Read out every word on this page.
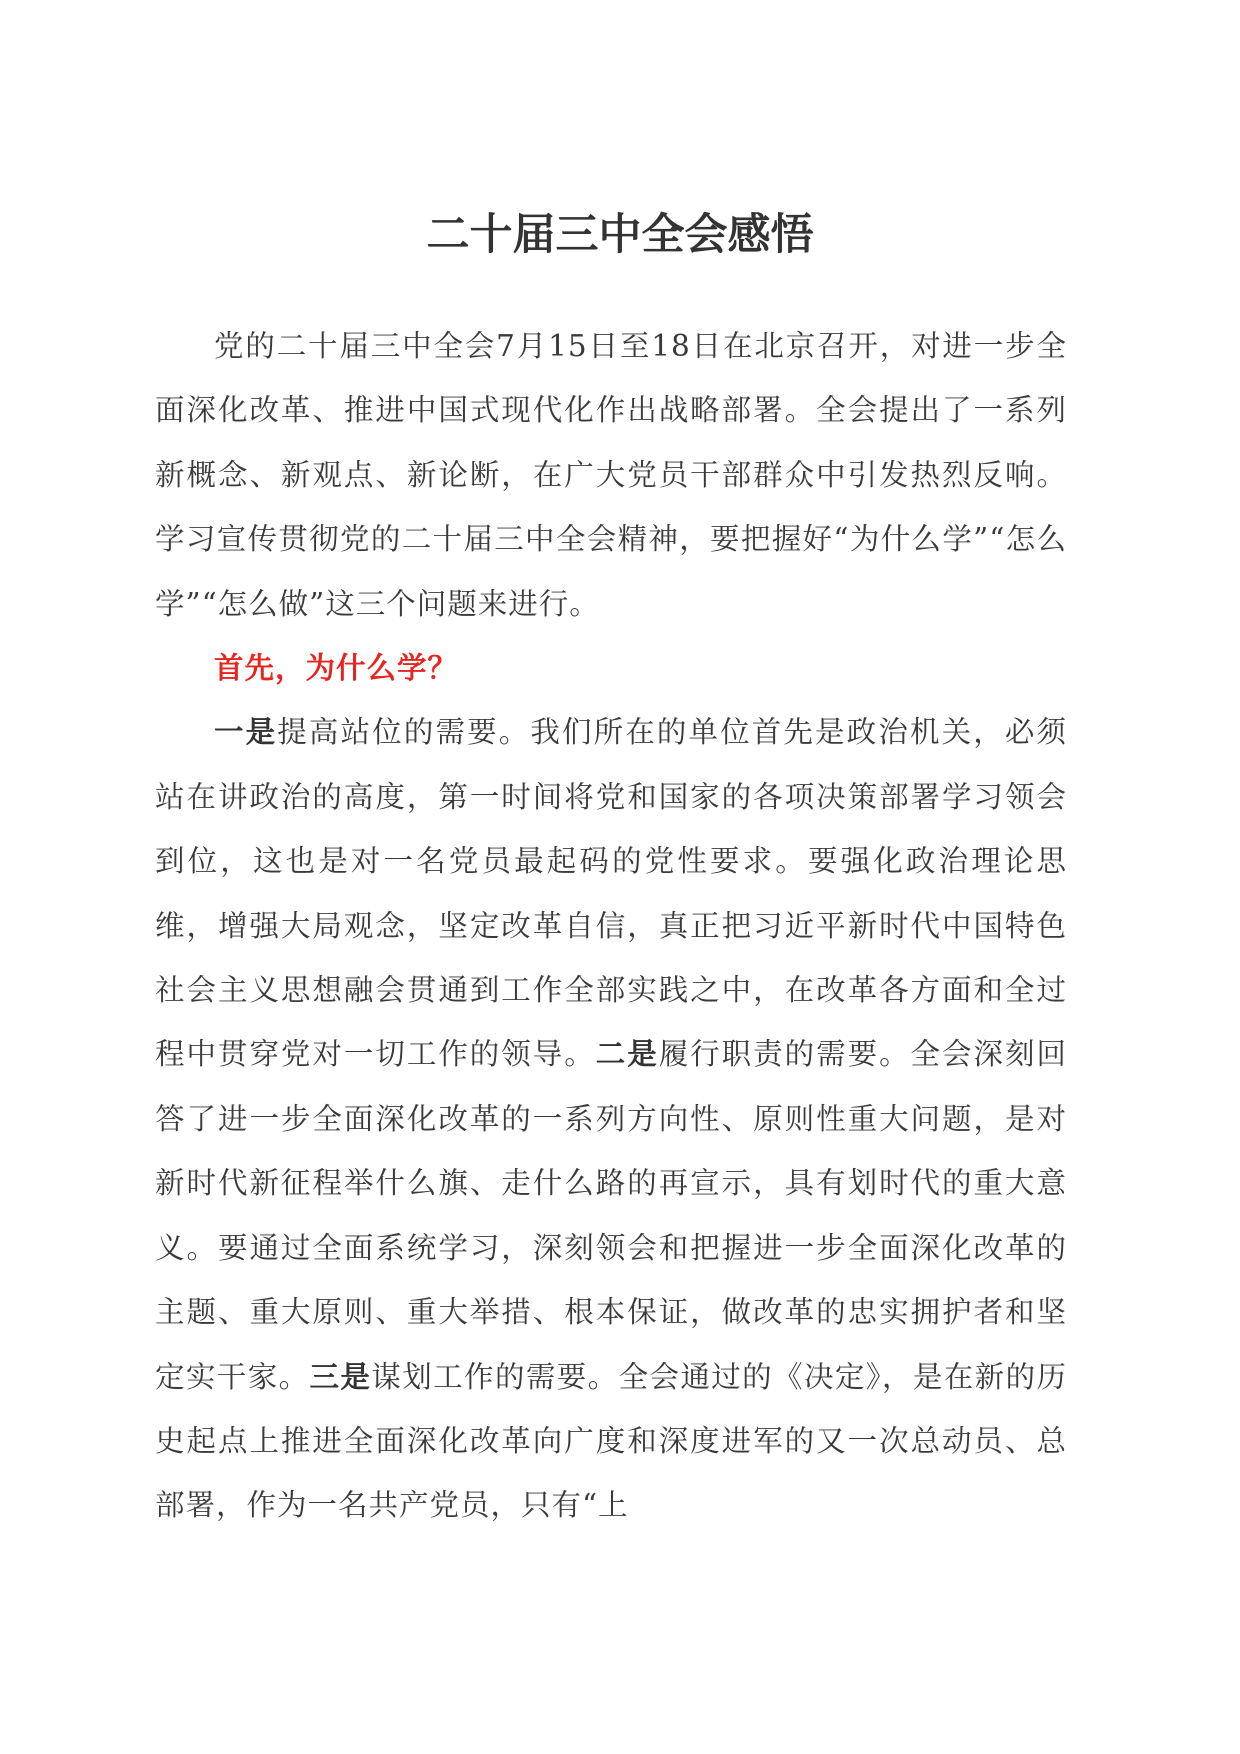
二十届三中全会感悟

党的二十届三中全会7月15日至18日在北京召开，对进一步全面深化改革、推进中国式现代化作出战略部署。全会提出了一系列新概念、新观点、新论断，在广大党员干部群众中引发热烈反响。学习宣传贯彻党的二十届三中全会精神，要把握好“为什么学”“怎么学”“怎么做”这三个问题来进行。

首先，为什么学？

一是提高站位的需要。我们所在的单位首先是政治机关，必须站在讲政治的高度，第一时间将党和国家的各项决策部署学习领会到位，这也是对一名党员最起码的党性要求。要强化政治理论思维，增强大局观念，坚定改革自信，真正把习近平新时代中国特色社会主义思想融会贯通到工作全部实践之中，在改革各方面和全过程中贯穿党对一切工作的领导。二是履行职责的需要。全会深刻回答了进一步全面深化改革的一系列方向性、原则性重大问题，是对新时代新征程举什么旗、走什么路的再宣示，具有划时代的重大意义。要通过全面系统学习，深刻领会和把握进一步全面深化改革的主题、重大原则、重大举措、根本保证，做改革的忠实拥护者和坚定实干家。三是谋划工作的需要。全会通过的《决定》，是在新的历史起点上推进全面深化改革向广度和深度进军的又一次总动员、总部署，作为一名共产党员，只有“上
